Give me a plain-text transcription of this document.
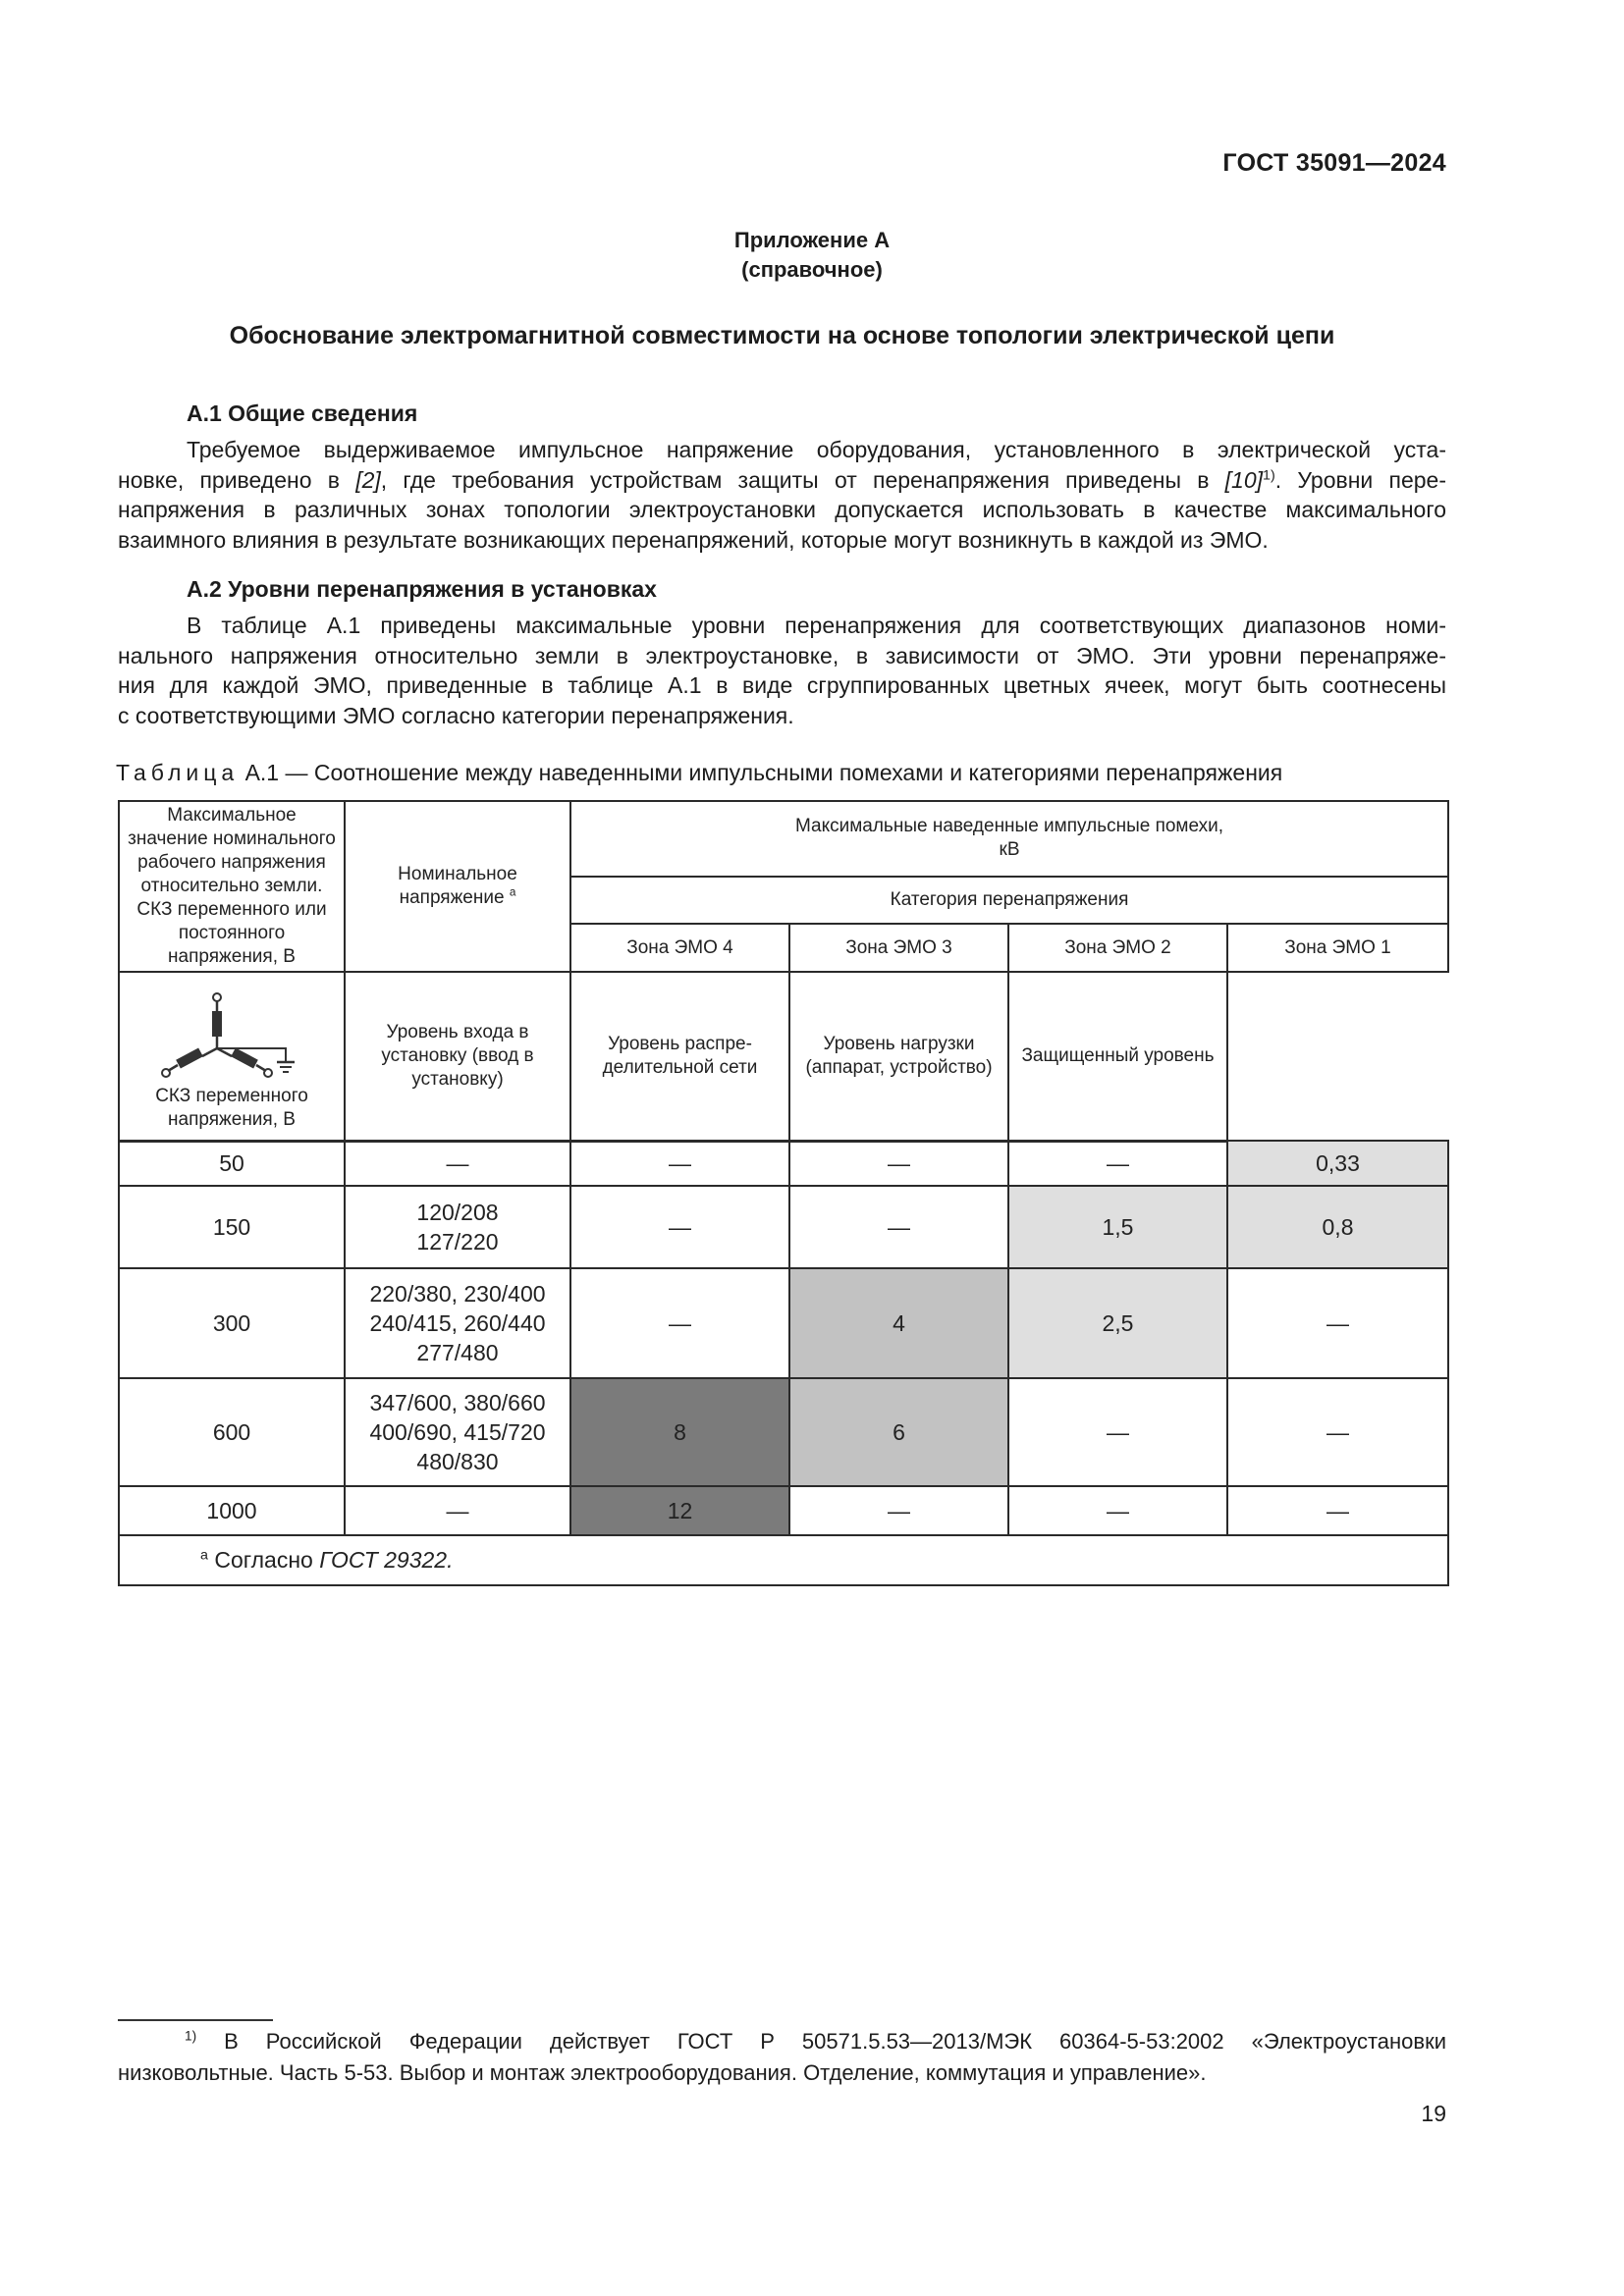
ГОСТ 35091—2024
Приложение А
(справочное)
Обоснование электромагнитной совместимости на основе топологии электрической цепи
А.1 Общие сведения
Требуемое выдерживаемое импульсное напряжение оборудования, установленного в электрической уста-
новке, приведено в [2], где требования устройствам защиты от перенапряжения приведены в $[10]^{1)}$. Уровни пере-
напряжения в различных зонах топологии электроустановки допускается использовать в качестве максимального
взаимного влияния в результате возникающих перенапряжений, которые могут возникнуть в каждой из ЭМО.
А.2 Уровни перенапряжения в установках
В таблице А.1 приведены максимальные уровни перенапряжения для соответствующих диапазонов номи-
нального напряжения относительно земли в электроустановке, в зависимости от ЭМО. Эти уровни перенапряже-
ния для каждой ЭМО, приведенные в таблице А.1 в виде сгруппированных цветных ячеек, могут быть соотнесены
с соответствующими ЭМО согласно категории перенапряжения.
Таблица А.1 — Соотношение между наведенными импульсными помехами и категориями перенапряжения
Максимальное значение номинального рабочего напряжения относительно земли. СКЗ переменного или постоянного напряжения, В	Номинальное напряжение $^а$	Максимальные наведенные импульсные помехи,
кВ			
		Категория перенапряжения			
		Зона ЭМО 4	Зона ЭМО 3	Зона ЭМО 2	Зона ЭМО 1

СКЗ переменного напряжения, В	Уровень входа в установку (ввод в установку)	Уровень распре-делительной сети	Уровень нагрузки (аппарат, устройство)	Защищенный уровень	
50	—	—	—	—	0,33
150	120/208
127/220	—	—	1,5	0,8
300	220/380, 230/400
240/415, 260/440
277/480	—	4	2,5	—
600	347/600, 380/660
400/690, 415/720
480/830	8	6	—	—
1000	—	12	—	—	—
$^а$ Согласно ГОСТ 29322.					
$^{1)}$ В Российской Федерации действует ГОСТ Р 50571.5.53—2013/МЭК 60364-5-53:2002 «Электроустановки
низковольтные. Часть 5-53. Выбор и монтаж электрооборудования. Отделение, коммутация и управление».
19
